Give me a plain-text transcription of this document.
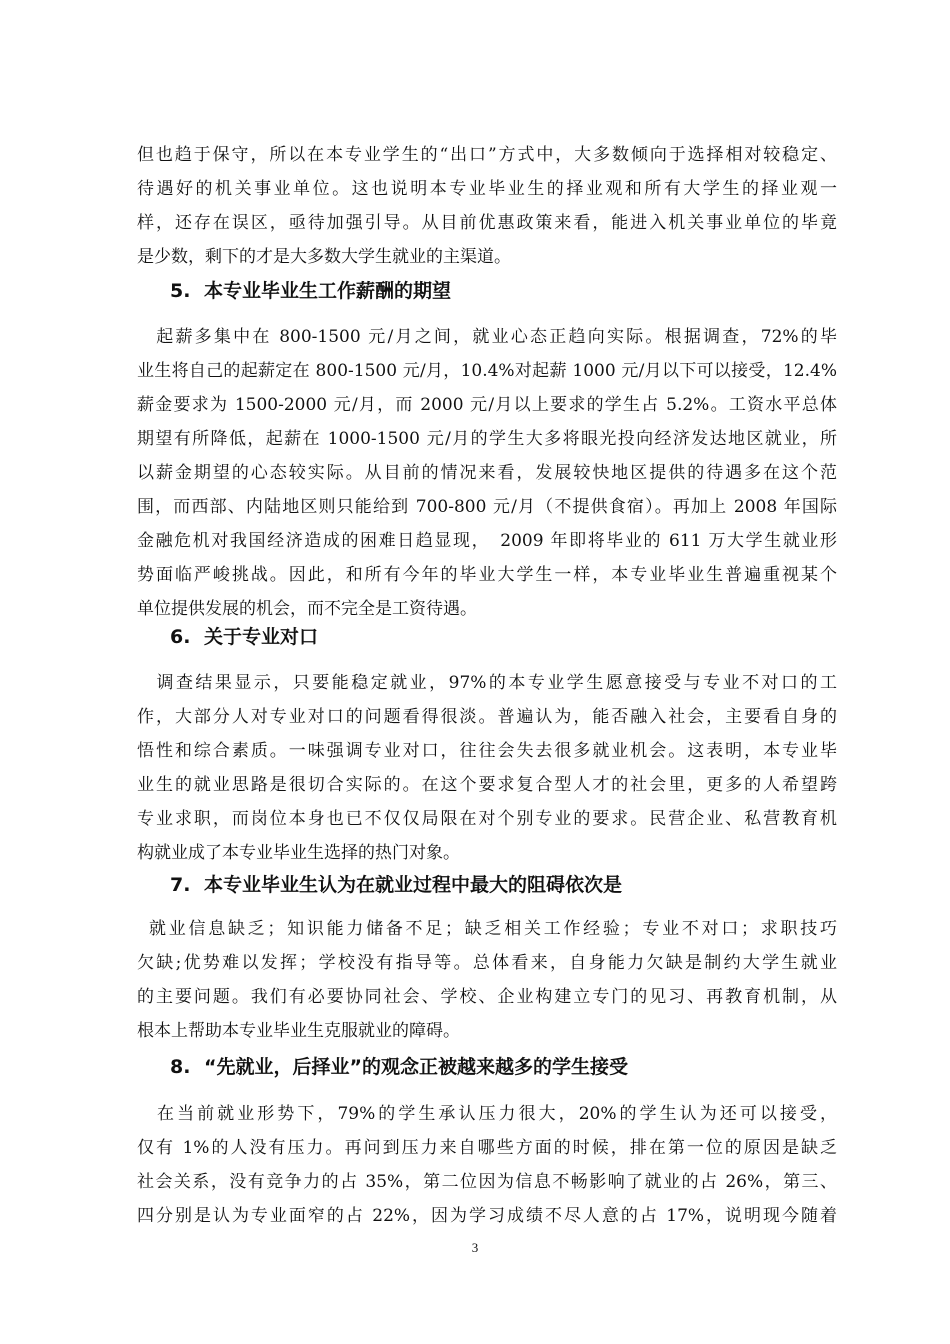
但也趋于保守，所以在本专业学生的“出口”方式中，大多数倾向于选择相对较稳定、
待遇好的机关事业单位。这也说明本专业毕业生的择业观和所有大学生的择业观一
样，还存在误区，亟待加强引导。从目前优惠政策来看，能进入机关事业单位的毕竟
是少数，剩下的才是大多数大学生就业的主渠道。
5. 本专业毕业生工作薪酬的期望
　起薪多集中在 800-1500 元/月之间，就业心态正趋向实际。根据调查，72%的毕
业生将自己的起薪定在 800-1500 元/月，10.4%对起薪 1000 元/月以下可以接受，12.4%
薪金要求为 1500-2000 元/月，而 2000 元/月以上要求的学生占 5.2%。工资水平总体
期望有所降低，起薪在 1000-1500 元/月的学生大多将眼光投向经济发达地区就业，所
以薪金期望的心态较实际。从目前的情况来看，发展较快地区提供的待遇多在这个范
围，而西部、内陆地区则只能给到 700-800 元/月（不提供食宿）。再加上 2008 年国际
金融危机对我国经济造成的困难日趋显现，　2009 年即将毕业的 611 万大学生就业形
势面临严峻挑战。因此，和所有今年的毕业大学生一样，本专业毕业生普遍重视某个
单位提供发展的机会，而不完全是工资待遇。
6. 关于专业对口
　调查结果显示，只要能稳定就业，97%的本专业学生愿意接受与专业不对口的工
作，大部分人对专业对口的问题看得很淡。普遍认为，能否融入社会，主要看自身的
悟性和综合素质。一味强调专业对口，往往会失去很多就业机会。这表明，本专业毕
业生的就业思路是很切合实际的。在这个要求复合型人才的社会里，更多的人希望跨
专业求职，而岗位本身也已不仅仅局限在对个别专业的要求。民营企业、私营教育机
构就业成了本专业毕业生选择的热门对象。
7. 本专业毕业生认为在就业过程中最大的阻碍依次是
就业信息缺乏；知识能力储备不足；缺乏相关工作经验；专业不对口；求职技巧
欠缺;优势难以发挥；学校没有指导等。总体看来，自身能力欠缺是制约大学生就业
的主要问题。我们有必要协同社会、学校、企业构建立专门的见习、再教育机制，从
根本上帮助本专业毕业生克服就业的障碍。
8. “先就业，后择业”的观念正被越来越多的学生接受
　在当前就业形势下，79%的学生承认压力很大，20%的学生认为还可以接受，
仅有 1%的人没有压力。再问到压力来自哪些方面的时候，排在第一位的原因是缺乏
社会关系，没有竞争力的占 35%，第二位因为信息不畅影响了就业的占 26%，第三、
四分别是认为专业面窄的占 22%，因为学习成绩不尽人意的占 17%，说明现今随着
3
